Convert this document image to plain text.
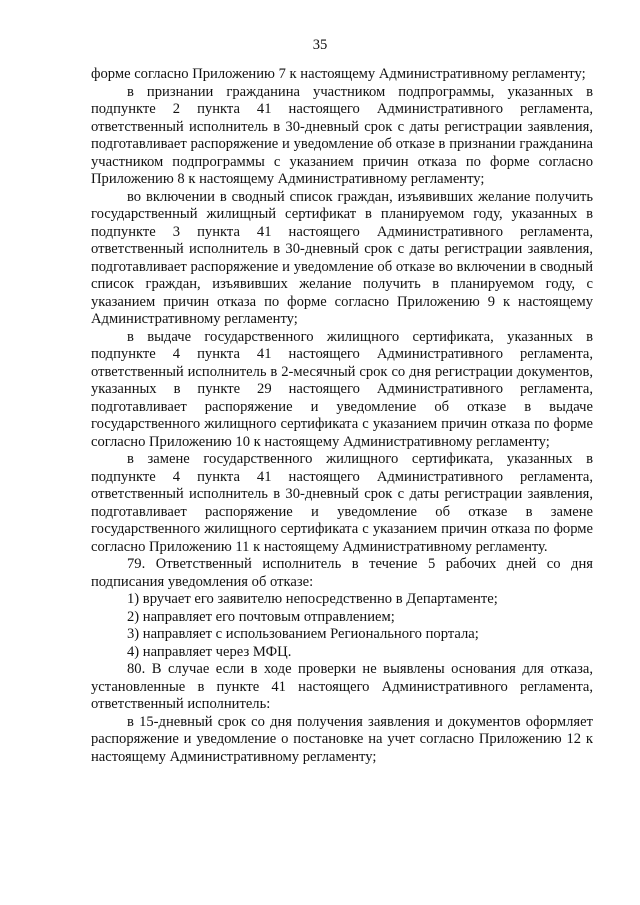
35

форме согласно Приложению 7 к настоящему Административному регламенту;

в признании гражданина участником подпрограммы, указанных в подпункте 2 пункта 41 настоящего Административного регламента, ответственный исполнитель в 30-дневный срок с даты регистрации заявления, подготавливает распоряжение и уведомление об отказе в признании гражданина участником подпрограммы с указанием причин отказа по форме согласно Приложению 8 к настоящему Административному регламенту;

во включении в сводный список граждан, изъявивших желание получить государственный жилищный сертификат в планируемом году, указанных в подпункте 3 пункта 41 настоящего Административного регламента, ответственный исполнитель в 30-дневный срок с даты регистрации заявления, подготавливает распоряжение и уведомление об отказе во включении в сводный список граждан, изъявивших желание получить в планируемом году, с указанием причин отказа по форме согласно Приложению 9 к настоящему Административному регламенту;

в выдаче государственного жилищного сертификата, указанных в подпункте 4 пункта 41 настоящего Административного регламента, ответственный исполнитель в 2-месячный срок со дня регистрации документов, указанных в пункте 29 настоящего Административного регламента, подготавливает распоряжение и уведомление об отказе в выдаче государственного жилищного сертификата с указанием причин отказа по форме согласно Приложению 10 к настоящему Административному регламенту;

в замене государственного жилищного сертификата, указанных в подпункте 4 пункта 41 настоящего Административного регламента, ответственный исполнитель в 30-дневный срок с даты регистрации заявления, подготавливает распоряжение и уведомление об отказе в замене государственного жилищного сертификата с указанием причин отказа по форме согласно Приложению 11 к настоящему Административному регламенту.

79. Ответственный исполнитель в течение 5 рабочих дней со дня подписания уведомления об отказе:

1) вручает его заявителю непосредственно в Департаменте;

2) направляет его почтовым отправлением;

3) направляет с использованием Регионального портала;

4) направляет через МФЦ.

80. В случае если в ходе проверки не выявлены основания для отказа, установленные в пункте 41 настоящего Административного регламента, ответственный исполнитель:

в 15-дневный срок со дня получения заявления и документов оформляет распоряжение и уведомление о постановке на учет согласно Приложению 12 к настоящему Административному регламенту;
